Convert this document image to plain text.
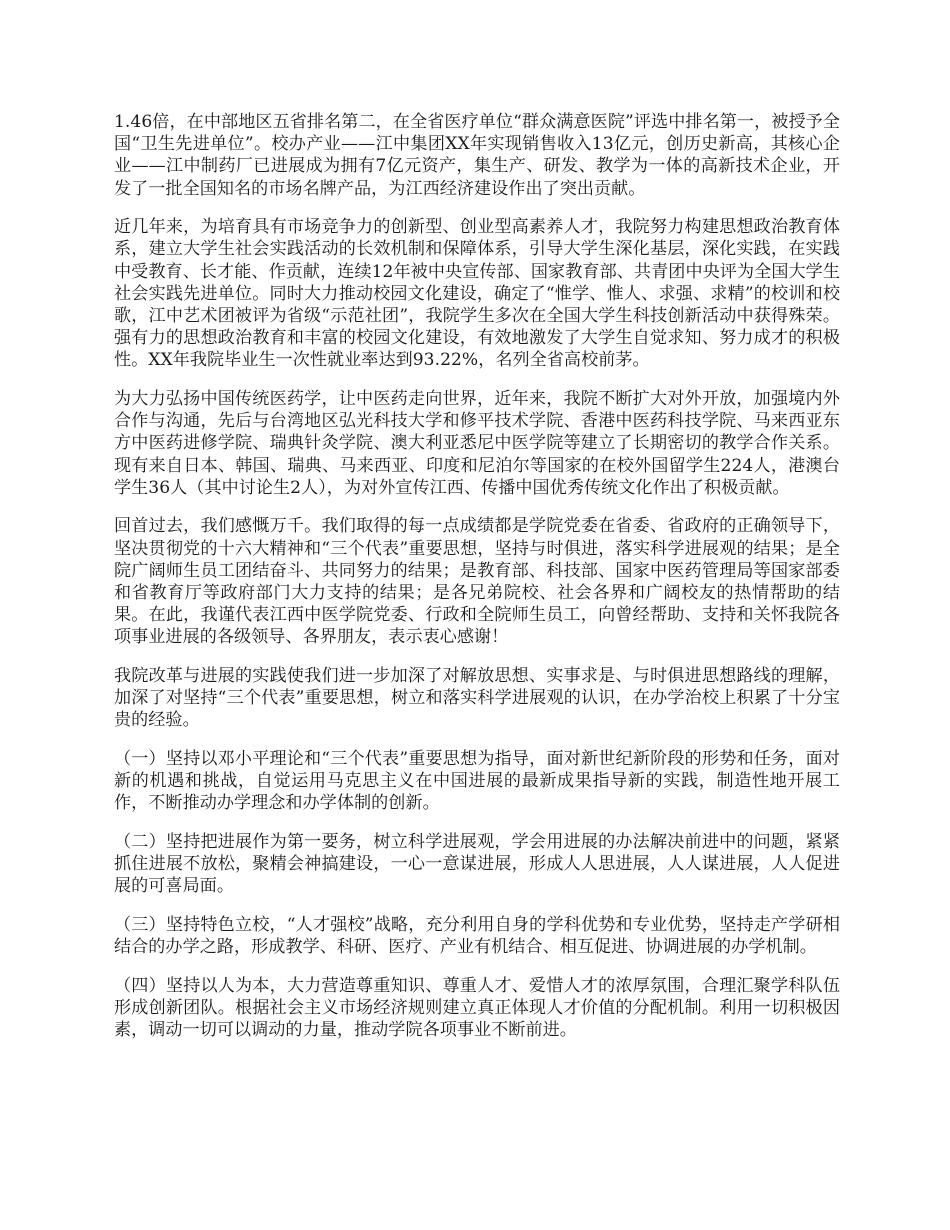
1.46倍，在中部地区五省排名第二，在全省医疗单位“群众满意医院”评选中排名第一，被授予全国“卫生先进单位”。校办产业——江中集团XX年实现销售收入13亿元，创历史新高，其核心企业——江中制药厂已进展成为拥有7亿元资产，集生产、研发、教学为一体的高新技术企业，开发了一批全国知名的市场名牌产品，为江西经济建设作出了突出贡献。

近几年来，为培育具有市场竞争力的创新型、创业型高素养人才，我院努力构建思想政治教育体系，建立大学生社会实践活动的长效机制和保障体系，引导大学生深化基层，深化实践，在实践中受教育、长才能、作贡献，连续12年被中央宣传部、国家教育部、共青团中央评为全国大学生社会实践先进单位。同时大力推动校园文化建设，确定了“惟学、惟人、求强、求精”的校训和校歌，江中艺术团被评为省级“示范社团”，我院学生多次在全国大学生科技创新活动中获得殊荣。强有力的思想政治教育和丰富的校园文化建设，有效地激发了大学生自觉求知、努力成才的积极性。XX年我院毕业生一次性就业率达到93.22%，名列全省高校前茅。

为大力弘扬中国传统医药学，让中医药走向世界，近年来，我院不断扩大对外开放，加强境内外合作与沟通，先后与台湾地区弘光科技大学和修平技术学院、香港中医药科技学院、马来西亚东方中医药进修学院、瑞典针灸学院、澳大利亚悉尼中医学院等建立了长期密切的教学合作关系。现有来自日本、韩国、瑞典、马来西亚、印度和尼泊尔等国家的在校外国留学生224人，港澳台学生36人（其中讨论生2人），为对外宣传江西、传播中国优秀传统文化作出了积极贡献。

回首过去，我们感慨万千。我们取得的每一点成绩都是学院党委在省委、省政府的正确领导下，坚决贯彻党的十六大精神和“三个代表”重要思想，坚持与时俱进，落实科学进展观的结果；是全院广阔师生员工团结奋斗、共同努力的结果；是教育部、科技部、国家中医药管理局等国家部委和省教育厅等政府部门大力支持的结果；是各兄弟院校、社会各界和广阔校友的热情帮助的结果。在此，我谨代表江西中医学院党委、行政和全院师生员工，向曾经帮助、支持和关怀我院各项事业进展的各级领导、各界朋友，表示衷心感谢！

我院改革与进展的实践使我们进一步加深了对解放思想、实事求是、与时俱进思想路线的理解，加深了对坚持“三个代表”重要思想，树立和落实科学进展观的认识，在办学治校上积累了十分宝贵的经验。

（一）坚持以邓小平理论和“三个代表”重要思想为指导，面对新世纪新阶段的形势和任务，面对新的机遇和挑战，自觉运用马克思主义在中国进展的最新成果指导新的实践，制造性地开展工作，不断推动办学理念和办学体制的创新。

（二）坚持把进展作为第一要务，树立科学进展观，学会用进展的办法解决前进中的问题，紧紧抓住进展不放松，聚精会神搞建设，一心一意谋进展，形成人人思进展，人人谋进展，人人促进展的可喜局面。

（三）坚持特色立校，“人才强校”战略，充分利用自身的学科优势和专业优势，坚持走产学研相结合的办学之路，形成教学、科研、医疗、产业有机结合、相互促进、协调进展的办学机制。

（四）坚持以人为本，大力营造尊重知识、尊重人才、爱惜人才的浓厚氛围，合理汇聚学科队伍形成创新团队。根据社会主义市场经济规则建立真正体现人才价值的分配机制。利用一切积极因素，调动一切可以调动的力量，推动学院各项事业不断前进。
